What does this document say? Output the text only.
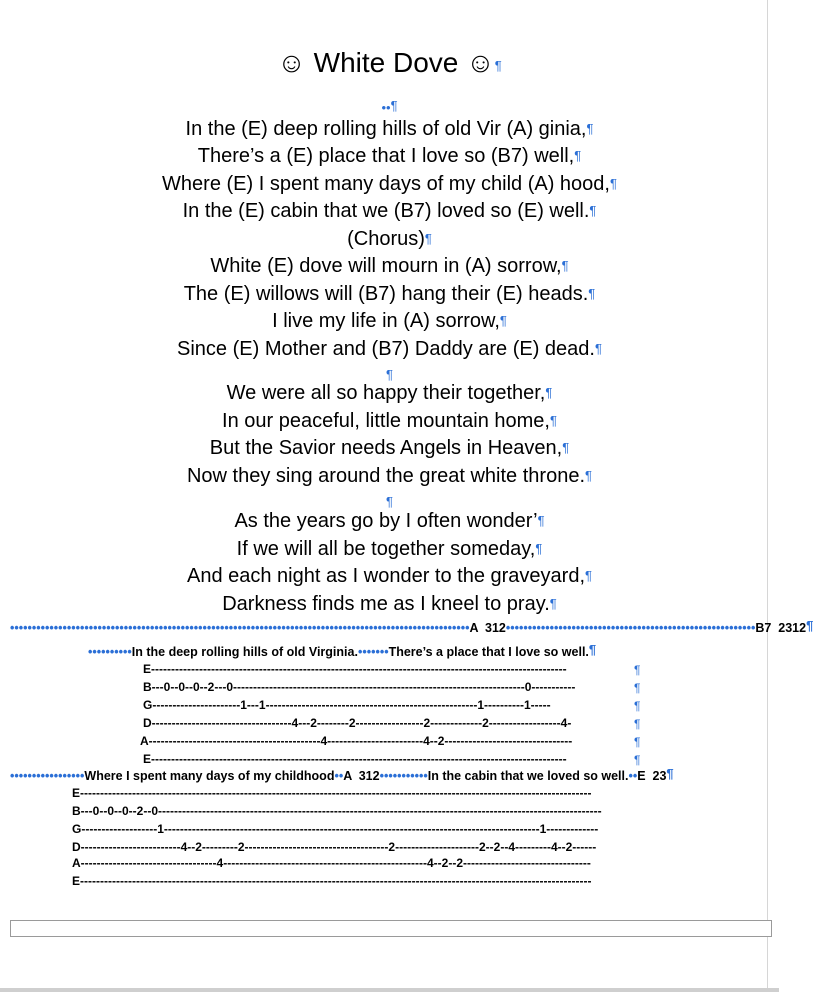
☺ White Dove ☺¶
••¶
In the (E) deep rolling hills of old Vir (A) ginia,¶
There’s a (E) place that I love so (B7) well,¶
Where (E) I spent many days of my child (A) hood,¶
In the (E) cabin that we (B7) loved so (E) well.¶
(Chorus)¶
White (E) dove will mourn in (A) sorrow,¶
The (E) willows will (B7) hang their (E) heads.¶
I live my life in (A) sorrow,¶
Since (E) Mother and (B7) Daddy are (E) dead.¶
¶
We were all so happy their together,¶
In our peaceful, little mountain home,¶
But the Savior needs Angels in Heaven,¶
Now they sing around the great white throne.¶
¶
As the years go by I often wonder’¶
If we will all be together someday,¶
And each night as I wonder to the graveyard,¶
Darkness finds me as I kneel to pray.¶
•••••••••••••••••••••••••••••••••••••••••••••••••••••••••••••••••••••••••••••••••••••••••••••••••••••••••A  312•••••••••••••••••••••••••••••••••••••••••••••••••••••••••B7  2312¶
••••••••••In the deep rolling hills of old Virginia.•••••••There’s a place that I love so well.¶
E--------------------------------------------------------------------------------------------------------
B---0--0--0--2---0-------------------------------------------------------------------------0-----------
G----------------------1---1-----------------------------------------------------1----------1-----
D-----------------------------------4---2--------2-----------------2-------------2------------------4-
A-------------------------------------------4------------------------4--2--------------------------------
E--------------------------------------------------------------------------------------------------------
¶
¶
¶
¶
¶
¶
•••••••••••••••••Where I spent many days of my childhood••A  312•••••••••••In the cabin that we loved so well.••E  23¶
E--------------------------------------------------------------------------------------------------------------------------------
B---0--0--0--2--0---------------------------------------------------------------------------------------------------------------
G-------------------1----------------------------------------------------------------------------------------------1-------------
D-------------------------4--2---------2------------------------------------2---------------------2--2--4---------4--2------
A----------------------------------4---------------------------------------------------4--2--2--------------------------------
E--------------------------------------------------------------------------------------------------------------------------------
